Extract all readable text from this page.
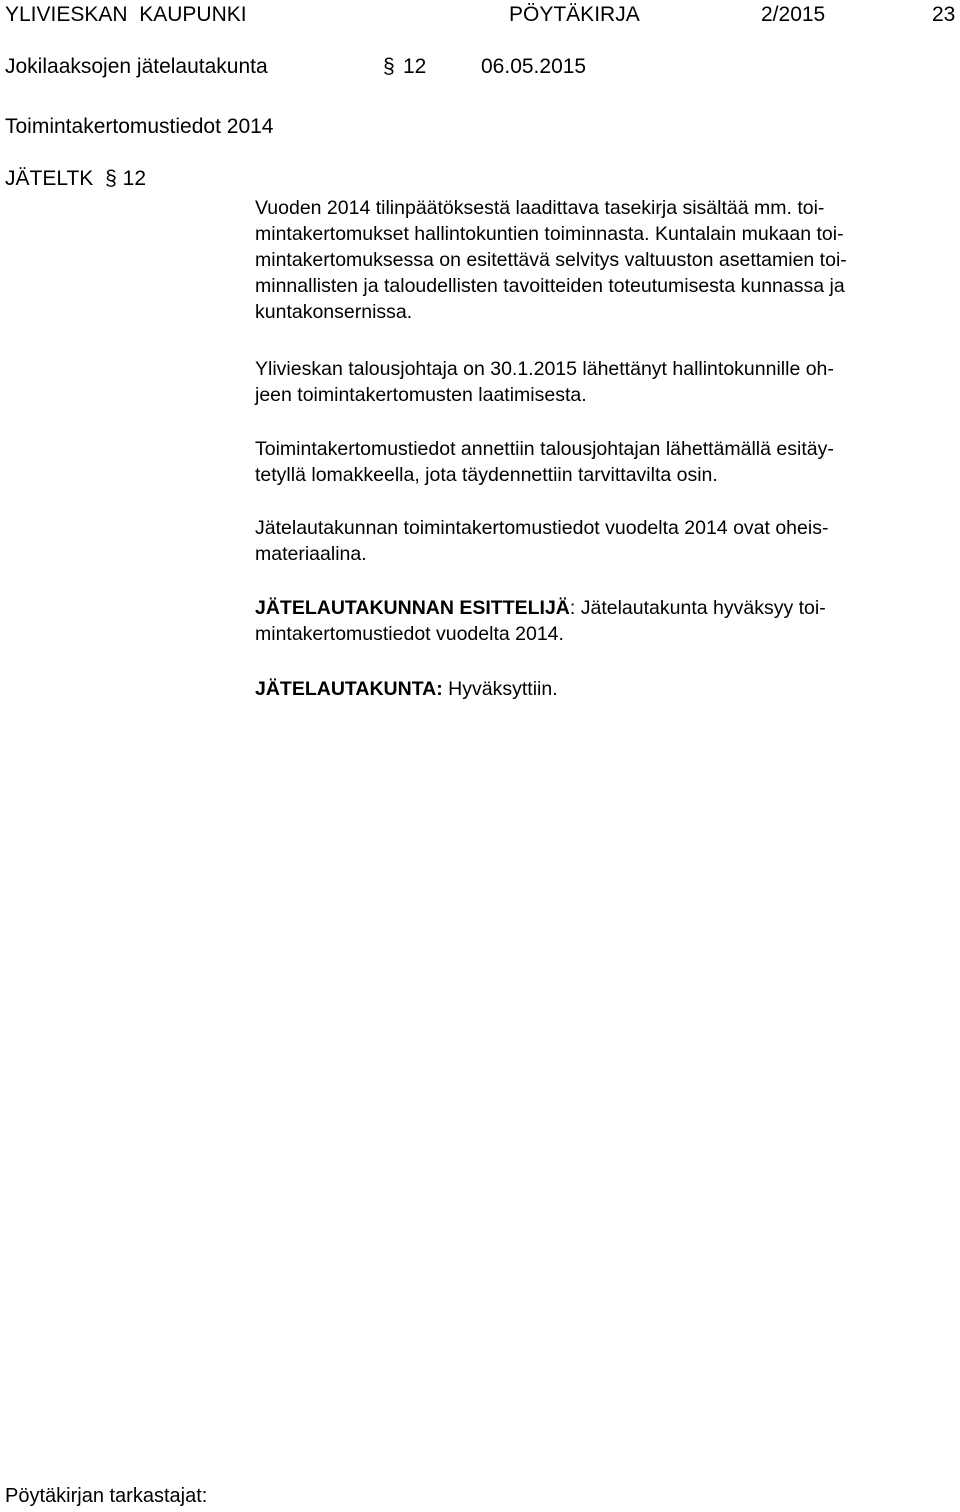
YLIVIESKAN  KAUPUNKI	PÖYTÄKIRJA	2/2015	23
Jokilaaksojen jätelautakunta	§ 12	06.05.2015
Toimintakertomustiedot 2014
JÄTELTK § 12

Vuoden 2014 tilinpäätöksestä laadittava tasekirja sisältää mm. toi-
mintakertomukset hallintokuntien toiminnasta. Kuntalain mukaan toi-
mintakertomuksessa on esitettävä selvitys valtuuston asettamien toi-
minnallisten ja taloudellisten tavoitteiden toteutumisesta kunnassa ja
kuntakonsernissa.

Ylivieskan talousjohtaja on 30.1.2015 lähettänyt hallintokunnille oh-
jeen toimintakertomusten laatimisesta.

Toimintakertomustiedot annettiin talousjohtajan lähettämällä esitäy-
tetyllä lomakkeella, jota täydennettiin tarvittavilta osin.

Jätelautakunnan toimintakertomustiedot vuodelta 2014 ovat oheis-
materiaalina.

JÄTELAUTAKUNNAN ESITTELIJÄ: Jätelautakunta hyväksyy toi-
mintakertomustiedot vuodelta 2014.

JÄTELAUTAKUNTA: Hyväksyttiin.

Pöytäkirjan tarkastajat:
